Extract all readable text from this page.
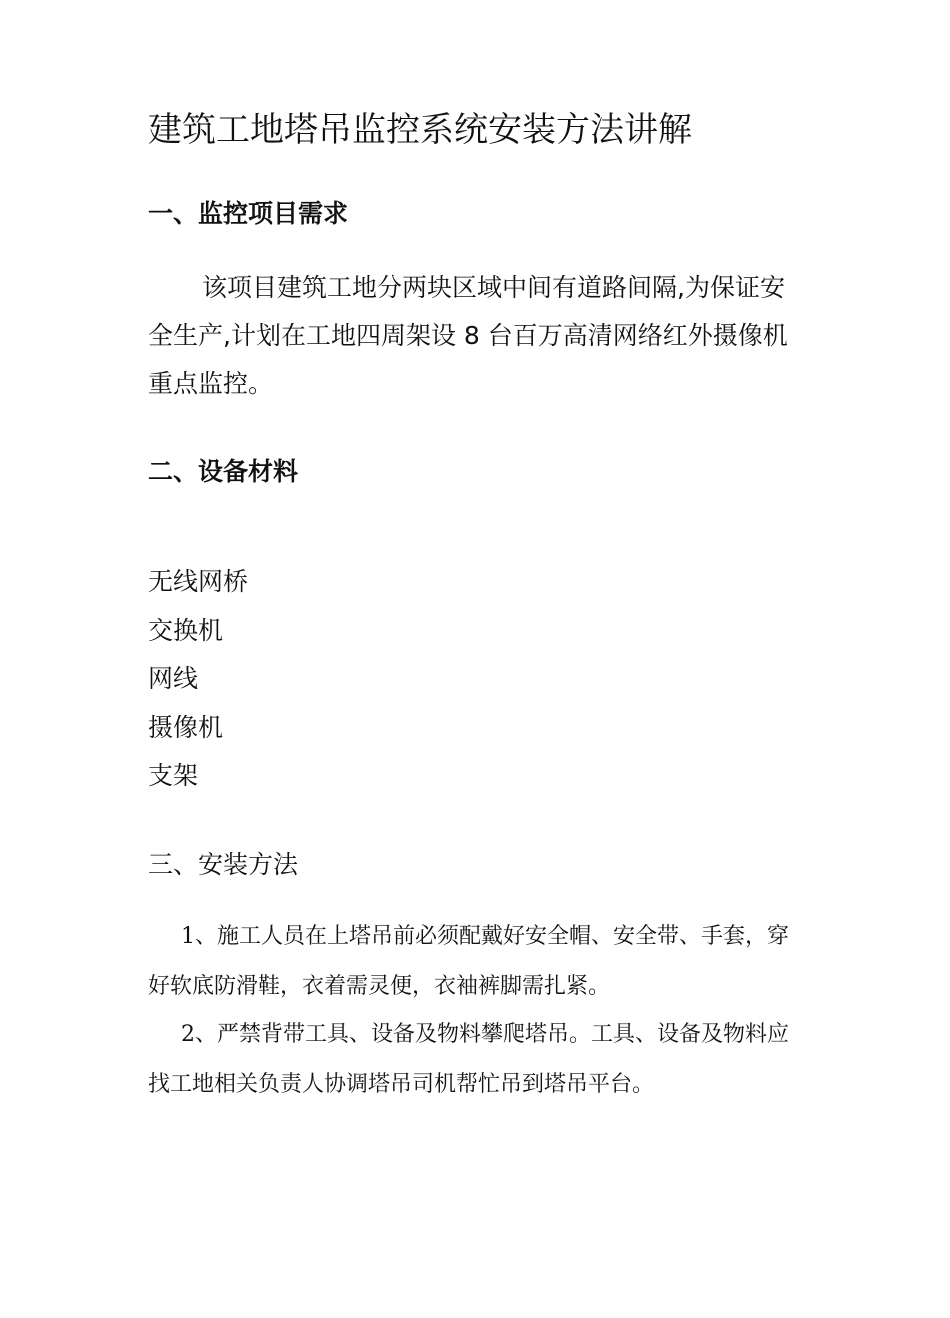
建筑工地塔吊监控系统安装方法讲解
一、监控项目需求

该项目建筑工地分两块区域中间有道路间隔,为保证安全生产,计划在工地四周架设 8 台百万高清网络红外摄像机重点监控。

二、设备材料
无线网桥
交换机
网线
摄像机
支架
三、安装方法

1、施工人员在上塔吊前必须配戴好安全帽、安全带、手套，穿好软底防滑鞋，衣着需灵便，衣袖裤脚需扎紧。

2、严禁背带工具、设备及物料攀爬塔吊。工具、设备及物料应找工地相关负责人协调塔吊司机帮忙吊到塔吊平台。
